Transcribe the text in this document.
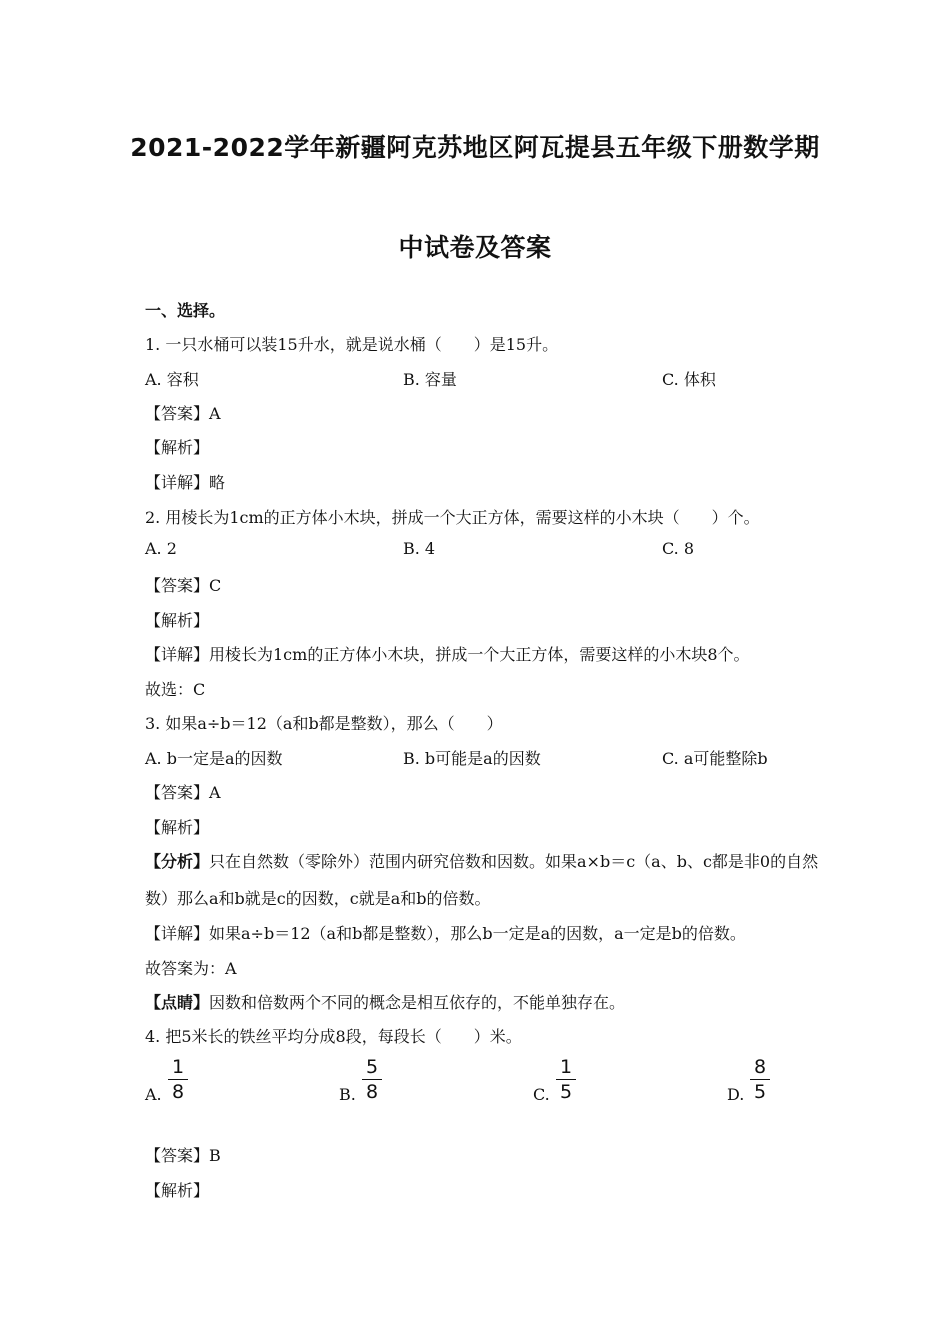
2021-2022学年新疆阿克苏地区阿瓦提县五年级下册数学期
中试卷及答案
一、选择。
1. 一只水桶可以装15升水，就是说水桶（　　）是15升。
A. 容积	B. 容量	C. 体积
【答案】A
【解析】
【详解】略
2. 用棱长为1cm的正方体小木块，拼成一个大正方体，需要这样的小木块（　　）个。
A. 2	B. 4	C. 8
【答案】C
【解析】
【详解】用棱长为1cm的正方体小木块，拼成一个大正方体，需要这样的小木块8个。
故选：C
3. 如果a÷b＝12（a和b都是整数），那么（　　）
A. b一定是a的因数	B. b可能是a的因数	C. a可能整除b
【答案】A
【解析】
【分析】只在自然数（零除外）范围内研究倍数和因数。如果a×b＝c（a、b、c都是非0的自然
数）那么a和b就是c的因数，c就是a和b的倍数。
【详解】如果a÷b＝12（a和b都是整数），那么b一定是a的因数，a一定是b的倍数。
故答案为：A
【点睛】因数和倍数两个不同的概念是相互依存的，不能单独存在。
4. 把5米长的铁丝平均分成8段，每段长（　　）米。
A.
1
8	B.
5
8	C.
1
5	D.
8
5
【答案】B
【解析】
